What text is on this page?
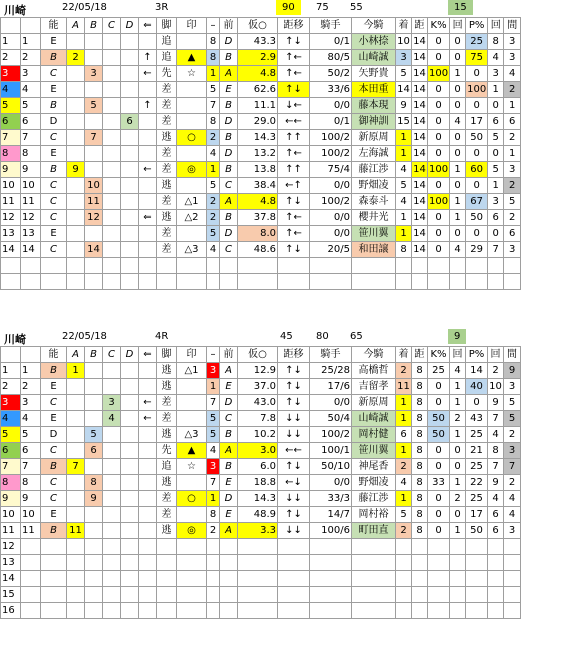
川崎	22/05/18	3R	90	75 55	15
		能	A	B	C	D	⇐	脚	印	–	前	仮○	距移	騎手	今騎	着	距	K%	回	P%	回	間
1	1	E						追		8	D	43.3	↑↓	0/1	小林捺	10	14	0	0	25	8	3
2	2	B	2				↑	追	▲	8	B	2.9	↑←	80/5	山崎誠	3	14	0	0	75	4	3
3	3	C		3			←	先	☆	1	A	4.8	↑←	50/2	矢野貴	5	14	100	1	0	3	4
4	4	E						差		5	E	62.6	↑↓	33/6	本田重	14	14	0	0	100	1	2
5	5	B		5			↑	差		7	B	11.1	↓←	0/0	藤本現	9	14	0	0	0	0	1
6	6	D				6		差		8	D	29.0	←←	0/1	御神訓	15	14	0	4	17	6	6
7	7	C		7				逃	○	2	B	14.3	↑↑	100/2	新原周	1	14	0	0	50	5	2
8	8	E						差		4	D	13.2	↑←	100/2	左海誠	1	14	0	0	0	0	1
9	9	B	9				←	差	◎	1	B	13.8	↑↑	75/4	藤江渉	4	14	100	1	60	5	3
10	10	C		10				逃		5	C	38.4	←↑	0/0	野畑凌	5	14	0	0	0	1	2
11	11	C		11				差	△1	2	A	4.8	↑↓	100/2	森泰斗	4	14	100	1	67	3	5
12	12	C		12			⇐	逃	△2	2	B	37.8	↑←	0/0	櫻井光	1	14	0	1	50	6	2
13	13	E						差		5	D	8.0	↑←	0/0	笹川翼	1	14	0	0	0	0	6
14	14	C		14				差	△3	4	C	48.6	↑↓	20/5	和田譲	8	14	0	4	29	7	3

川崎	22/05/18	4R	45 80 65	9
		能	A	B	C	D	⇐	脚	印	–	前	仮○	距移	騎手	今騎	着	距	K%	回	P%	回	間
1	1	B	1					逃	△1	3	A	12.9	↑↓	25/28	高橋哲	2	8	25	4	14	2	9
2	2	E						逃		1	E	37.0	↑↓	17/6	吉留孝	11	8	0	1	40	10	3
3	3	C			3		←	差		7	D	43.0	↑↓	0/0	新原周	1	8	0	1	0	9	5
4	4	E			4		←	差		5	C	7.8	↓↓	50/4	山崎誠	1	8	50	2	43	7	5
5	5	D		5				逃	△3	5	B	10.2	↓↓	100/2	岡村健	6	8	50	1	25	4	2
6	6	C		6				先	▲	4	A	3.0	←←	100/1	笹川翼	1	8	0	0	21	8	3
7	7	B	7					追	☆	3	B	6.0	↑↓	50/10	神尾香	2	8	0	0	25	7	7
8	8	C		8				逃		7	E	18.8	←↓	0/0	野畑凌	4	8	33	1	22	9	2
9	9	C		9				差	○	1	D	14.3	↓↓	33/3	藤江渉	1	8	0	2	25	4	4
10	10	E						差		8	E	48.9	↑↓	14/7	岡村裕	5	8	0	0	17	6	4
11	11	B	11					逃	◎	2	A	3.3	↓↓	100/6	町田直	2	8	0	1	50	6	3
12																						
13																						
14																						
15																						
16																						
